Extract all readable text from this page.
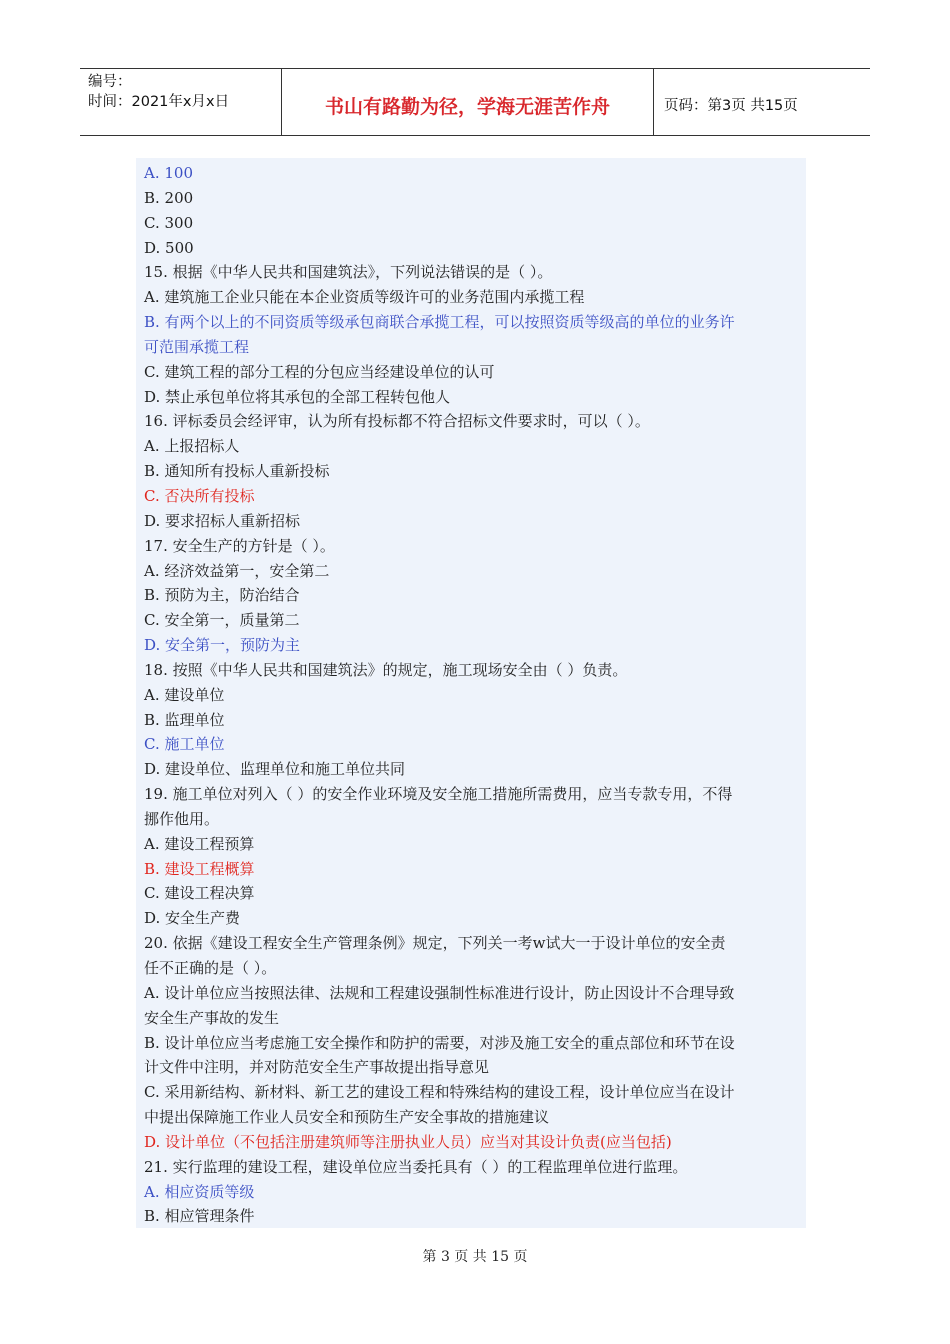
编号：
时间：2021年x月x日	书山有路勤为径，学海无涯苦作舟	页码：第3页 共15页
A. 100
B. 200
C. 300
D. 500
15. 根据《中华人民共和国建筑法》，下列说法错误的是（ ）。
A. 建筑施工企业只能在本企业资质等级许可的业务范围内承揽工程
B. 有两个以上的不同资质等级承包商联合承揽工程，可以按照资质等级高的单位的业务许
可范围承揽工程
C. 建筑工程的部分工程的分包应当经建设单位的认可
D. 禁止承包单位将其承包的全部工程转包他人
16. 评标委员会经评审，认为所有投标都不符合招标文件要求时，可以（ ）。
A. 上报招标人
B. 通知所有投标人重新投标
C. 否决所有投标
D. 要求招标人重新招标
17. 安全生产的方针是（ ）。
A. 经济效益第一，安全第二
B. 预防为主，防治结合
C. 安全第一，质量第二
D. 安全第一，预防为主
18. 按照《中华人民共和国建筑法》的规定，施工现场安全由（ ）负责。
A. 建设单位
B. 监理单位
C. 施工单位
D. 建设单位、监理单位和施工单位共同
19. 施工单位对列入（ ）的安全作业环境及安全施工措施所需费用，应当专款专用，不得
挪作他用。
A. 建设工程预算
B. 建设工程概算
C. 建设工程决算
D. 安全生产费
20. 依据《建设工程安全生产管理条例》规定，下列关一考w试大一于设计单位的安全责
任不正确的是（ ）。
A. 设计单位应当按照法律、法规和工程建设强制性标准进行设计，防止因设计不合理导致
安全生产事故的发生
B. 设计单位应当考虑施工安全操作和防护的需要，对涉及施工安全的重点部位和环节在设
计文件中注明，并对防范安全生产事故提出指导意见
C. 采用新结构、新材料、新工艺的建设工程和特殊结构的建设工程，设计单位应当在设计
中提出保障施工作业人员安全和预防生产安全事故的措施建议
D. 设计单位（不包括注册建筑师等注册执业人员）应当对其设计负责(应当包括)
21. 实行监理的建设工程，建设单位应当委托具有（ ）的工程监理单位进行监理。
A. 相应资质等级
B. 相应管理条件
第 3 页 共 15 页
